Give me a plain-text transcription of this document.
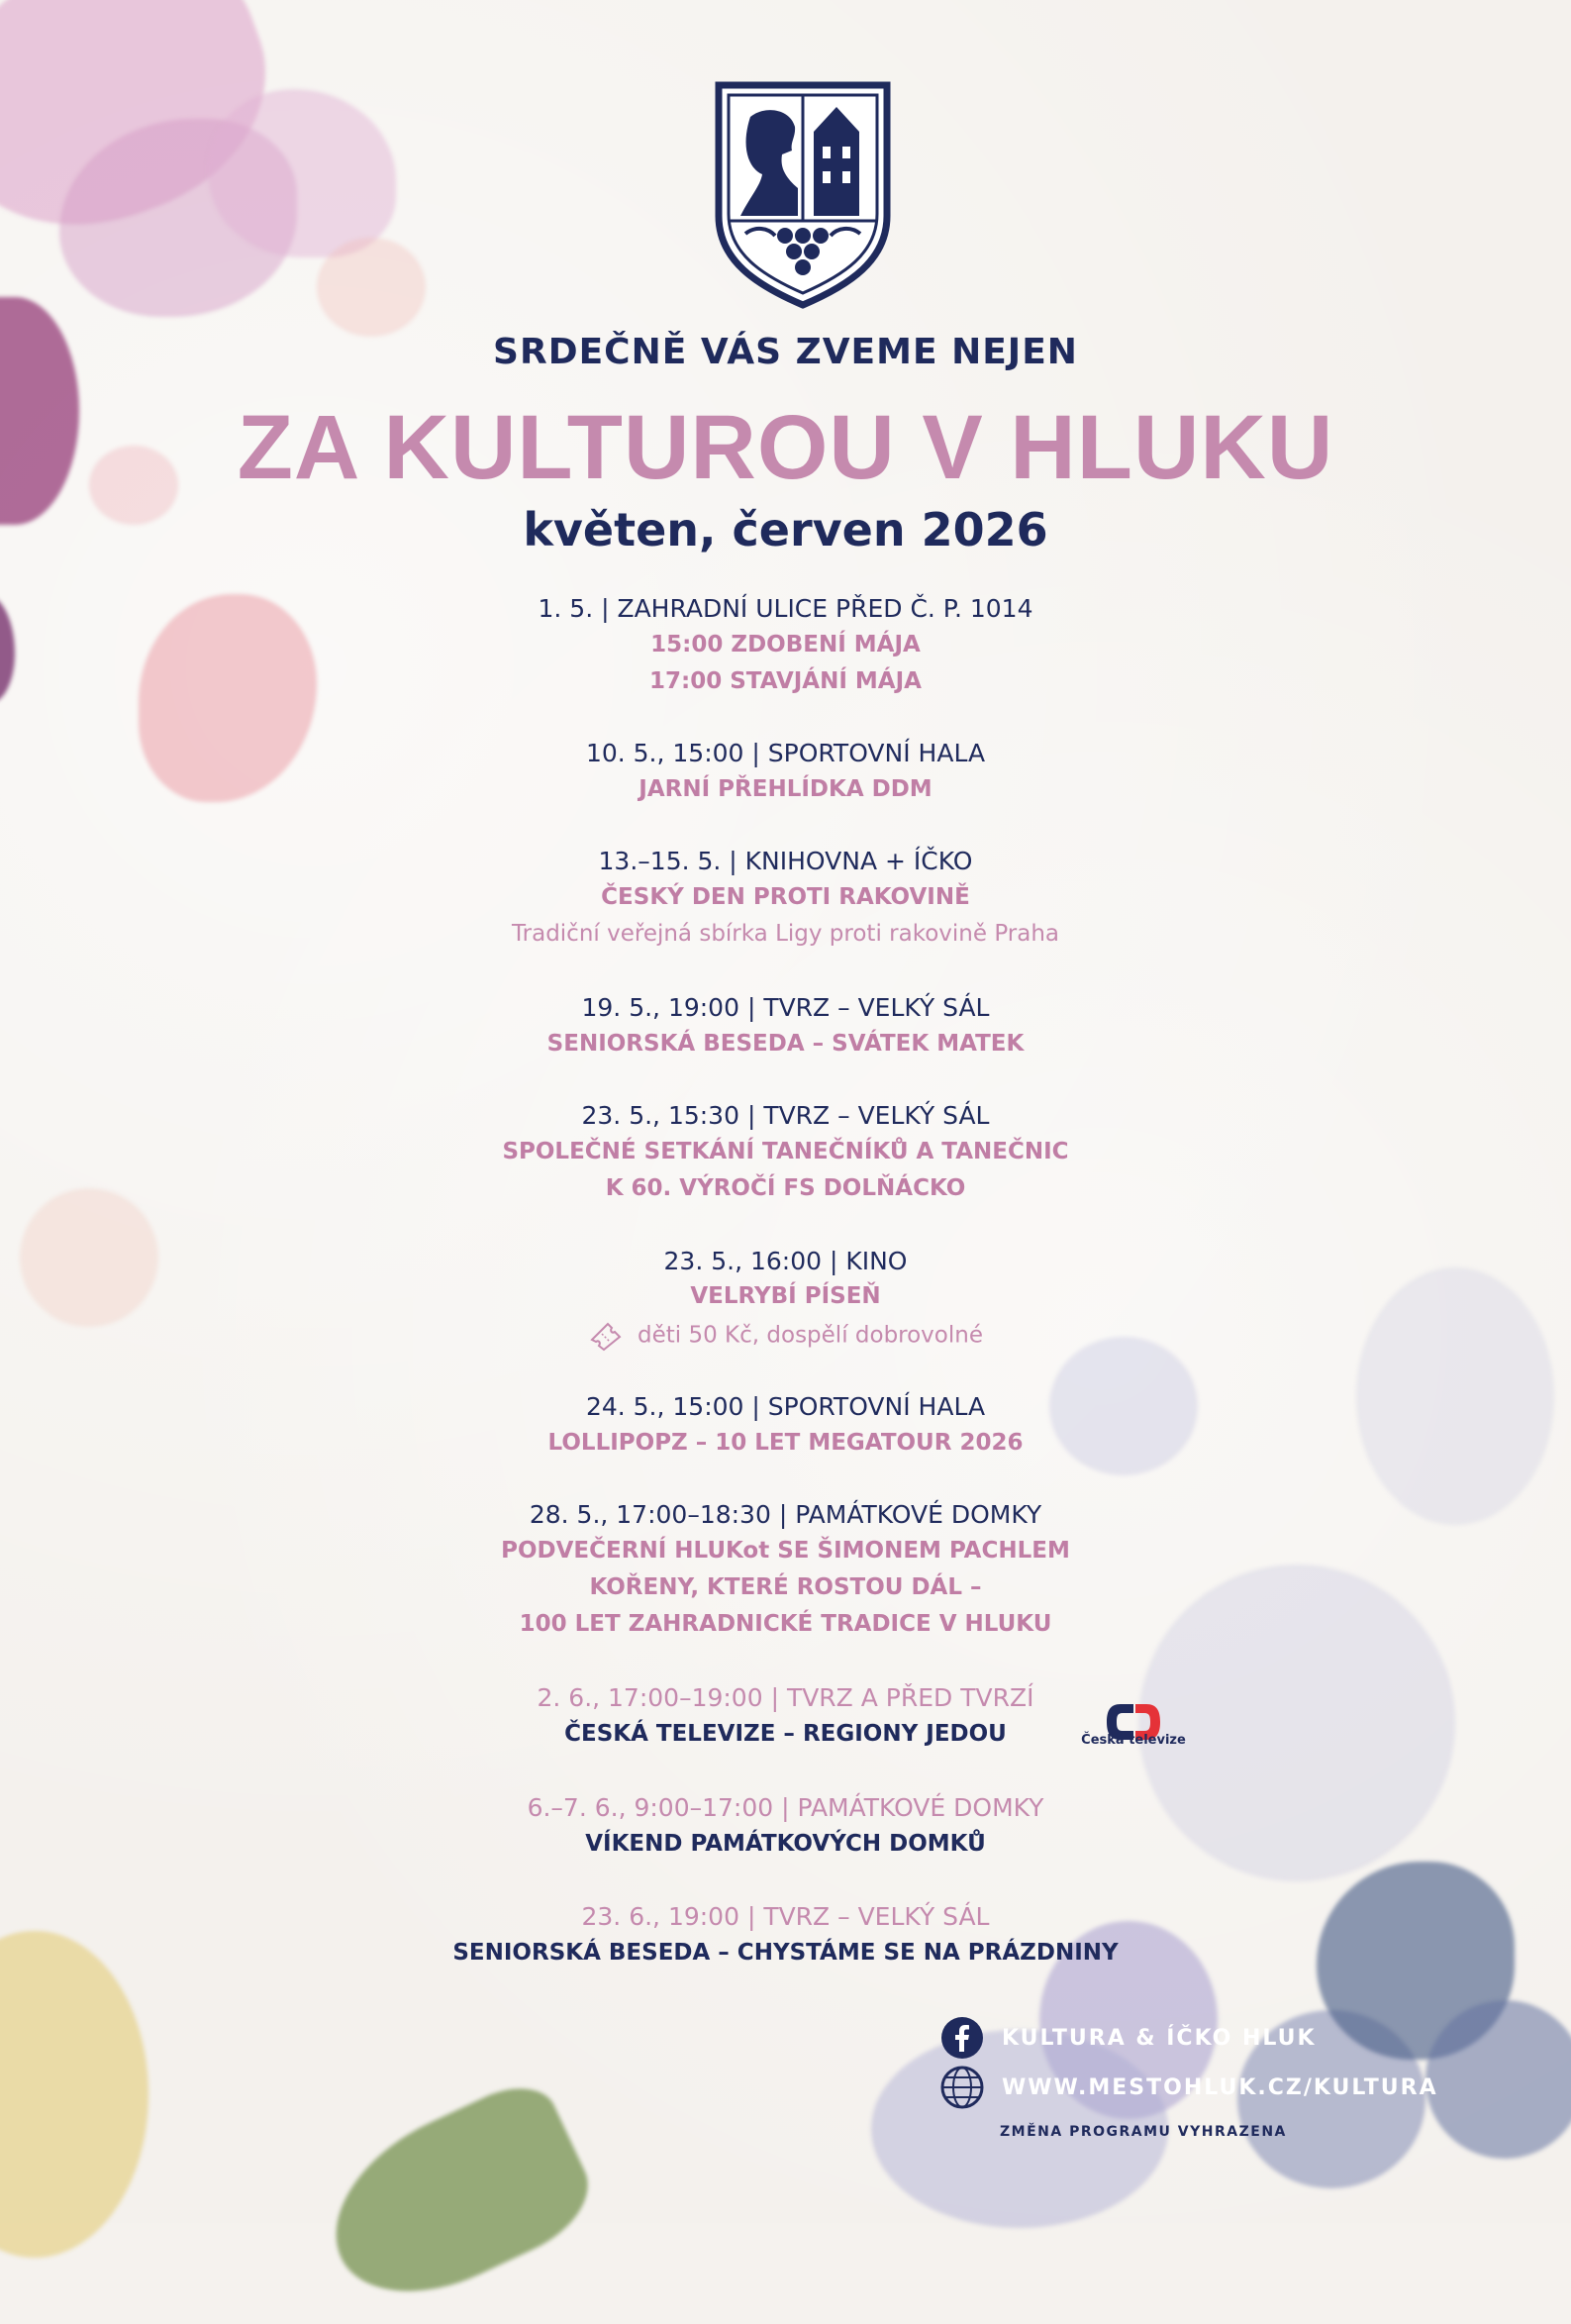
SRDEČNĚ VÁS ZVEME NEJEN
ZA KULTUROU V HLUKU
květen, červen 2026
1. 5. | ZAHRADNÍ ULICE PŘED Č. P. 1014
15:00 ZDOBENÍ MÁJA
17:00 STAVJÁNÍ MÁJA
10. 5., 15:00 | SPORTOVNÍ HALA
JARNÍ PŘEHLÍDKA DDM
13.–15. 5. | KNIHOVNA + ÍČKO
ČESKÝ DEN PROTI RAKOVINĚ
Tradiční veřejná sbírka Ligy proti rakovině Praha
19. 5., 19:00 | TVRZ – VELKÝ SÁL
SENIORSKÁ BESEDA – SVÁTEK MATEK
23. 5., 15:30 | TVRZ – VELKÝ SÁL
SPOLEČNÉ SETKÁNÍ TANEČNÍKŮ A TANEČNIC
K 60. VÝROČÍ FS DOLŇÁCKO
23. 5., 16:00 | KINO
VELRYBÍ PÍSEŇ
děti 50 Kč, dospělí dobrovolné
24. 5., 15:00 | SPORTOVNÍ HALA
LOLLIPOPZ – 10 LET MEGATOUR 2026
28. 5., 17:00–18:30 | PAMÁTKOVÉ DOMKY
PODVEČERNÍ HLUKot SE ŠIMONEM PACHLEM
KOŘENY, KTERÉ ROSTOU DÁL –
100 LET ZAHRADNICKÉ TRADICE V HLUKU
2. 6., 17:00–19:00 | TVRZ A PŘED TVRZÍ
ČESKÁ TELEVIZE – REGIONY JEDOU	Česká televize
6.–7. 6., 9:00–17:00 | PAMÁTKOVÉ DOMKY
VÍKEND PAMÁTKOVÝCH DOMKŮ
23. 6., 19:00 | TVRZ – VELKÝ SÁL
SENIORSKÁ BESEDA – CHYSTÁME SE NA PRÁZDNINY
KULTURA & ÍČKO HLUK
WWW.MESTOHLUK.CZ/KULTURA
ZMĚNA PROGRAMU VYHRAZENA
